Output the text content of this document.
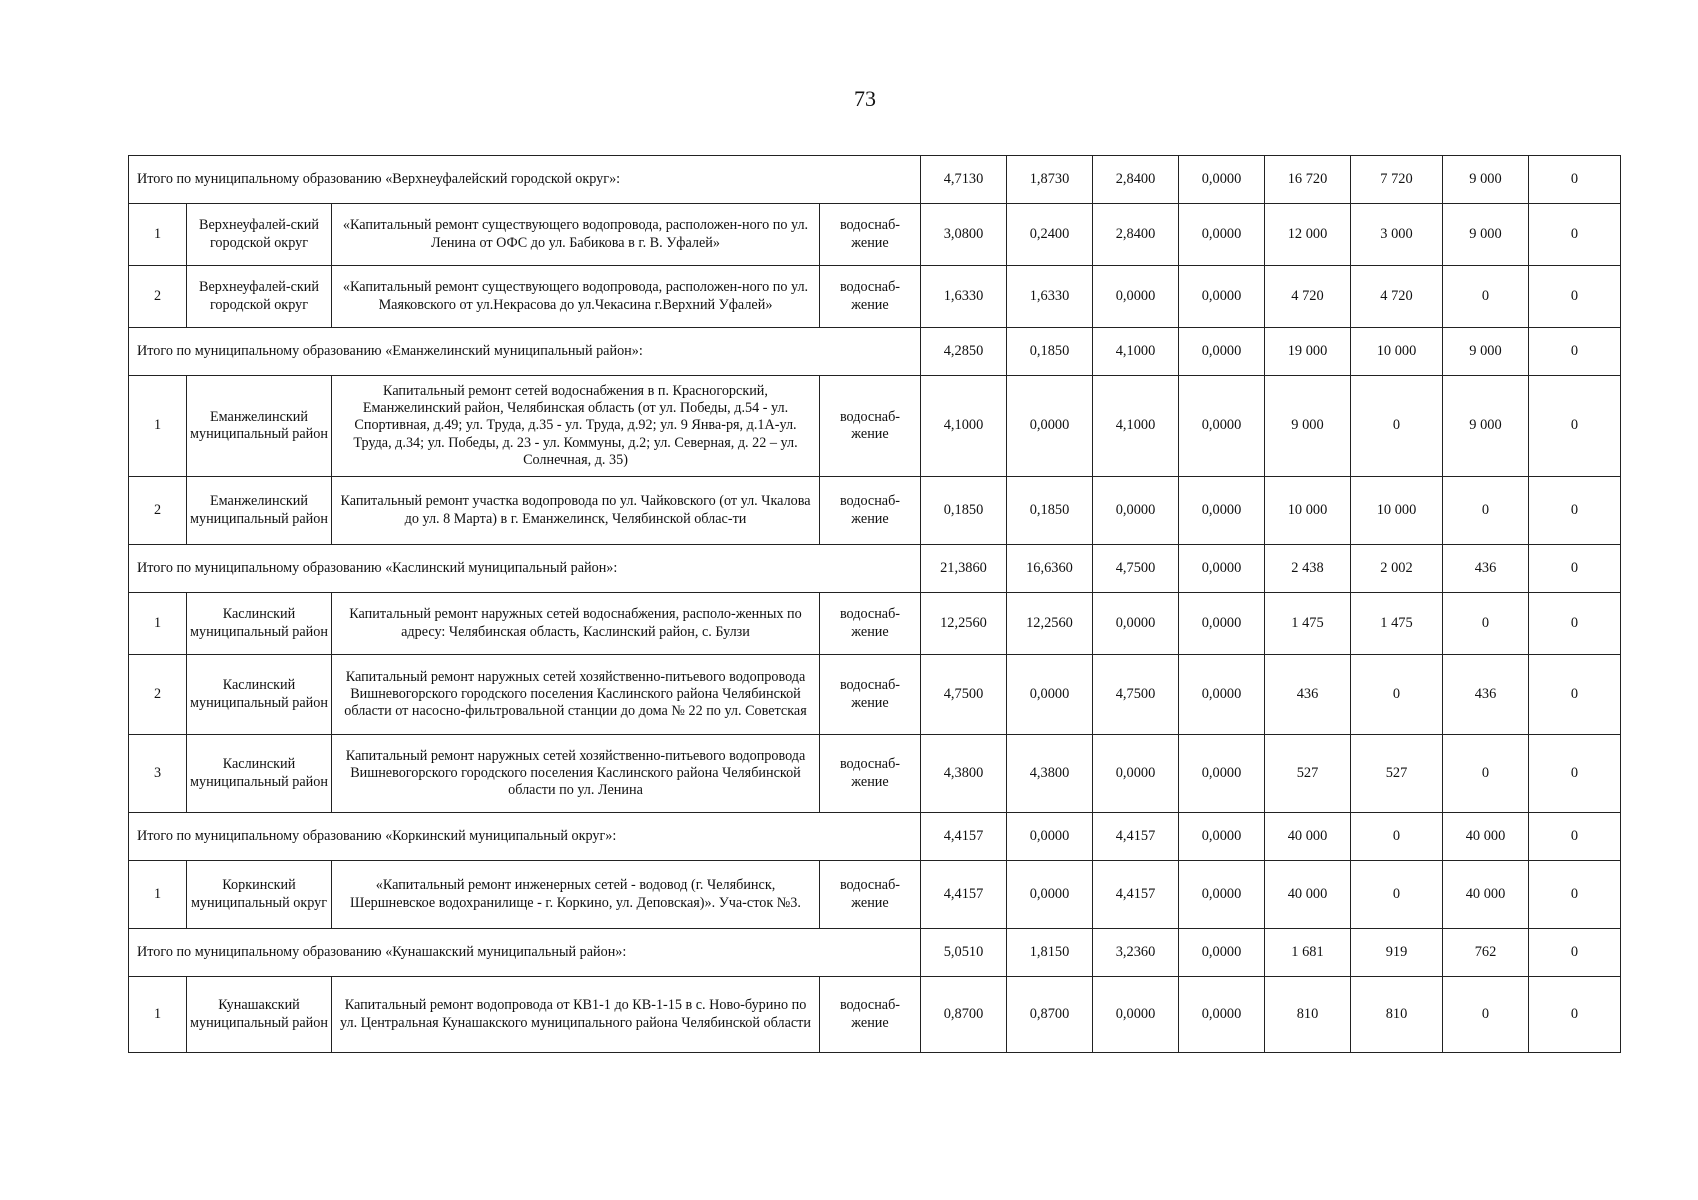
73
Итого по муниципальному образованию «Верхнеуфалейский городской округ»:				4,7130	1,8730	2,8400	0,0000	16 720	7 720	9 000	0
1	Верхнеуфалей-ский городской округ	«Капитальный ремонт существующего водопровода, расположен-ного по ул. Ленина от ОФС до ул. Бабикова в г. В. Уфалей»	водоснаб-жение	3,0800	0,2400	2,8400	0,0000	12 000	3 000	9 000	0
2	Верхнеуфалей-ский городской округ	«Капитальный ремонт существующего водопровода, расположен-ного по ул. Маяковского от ул.Некрасова до ул.Чекасина г.Верхний Уфалей»	водоснаб-жение	1,6330	1,6330	0,0000	0,0000	4 720	4 720	0	0
Итого по муниципальному образованию «Еманжелинский муниципальный район»:				4,2850	0,1850	4,1000	0,0000	19 000	10 000	9 000	0
1	Еманжелинский муниципальный район	Капитальный ремонт сетей водоснабжения в п. Красногорский, Еманжелинский район, Челябинская область (от ул. Победы, д.54 - ул. Спортивная, д.49; ул. Труда, д.35 - ул. Труда, д.92; ул. 9 Янва-ря, д.1А-ул. Труда, д.34; ул. Победы, д. 23 - ул. Коммуны, д.2; ул. Северная, д. 22 – ул. Солнечная, д. 35)	водоснаб-жение	4,1000	0,0000	4,1000	0,0000	9 000	0	9 000	0
2	Еманжелинский муниципальный район	Капитальный ремонт участка водопровода по ул. Чайковского (от ул. Чкалова до ул. 8 Марта) в г. Еманжелинск, Челябинской облас-ти	водоснаб-жение	0,1850	0,1850	0,0000	0,0000	10 000	10 000	0	0
Итого по муниципальному образованию «Каслинский муниципальный район»:				21,3860	16,6360	4,7500	0,0000	2 438	2 002	436	0
1	Каслинский муниципальный район	Капитальный ремонт наружных сетей водоснабжения, располо-женных по адресу: Челябинская область, Каслинский район, с. Булзи	водоснаб-жение	12,2560	12,2560	0,0000	0,0000	1 475	1 475	0	0
2	Каслинский муниципальный район	Капитальный ремонт наружных сетей хозяйственно-питьевого водопровода Вишневогорского городского поселения Каслинского района Челябинской области от насосно-фильтровальной станции до дома № 22 по ул. Советская	водоснаб-жение	4,7500	0,0000	4,7500	0,0000	436	0	436	0
3	Каслинский муниципальный район	Капитальный ремонт наружных сетей хозяйственно-питьевого водопровода Вишневогорского городского поселения Каслинского района Челябинской области по ул. Ленина	водоснаб-жение	4,3800	4,3800	0,0000	0,0000	527	527	0	0
Итого по муниципальному образованию «Коркинский муниципальный округ»:				4,4157	0,0000	4,4157	0,0000	40 000	0	40 000	0
1	Коркинский муниципальный округ	«Капитальный ремонт инженерных сетей - водовод (г. Челябинск, Шершневское водохранилище - г. Коркино, ул. Деповская)». Уча-сток №3.	водоснаб-жение	4,4157	0,0000	4,4157	0,0000	40 000	0	40 000	0
Итого по муниципальному образованию «Кунашакский муниципальный район»:				5,0510	1,8150	3,2360	0,0000	1 681	919	762	0
1	Кунашакский муниципальный район	Капитальный ремонт водопровода от КВ1-1 до КВ-1-15 в с. Ново-бурино по ул. Центральная Кунашакского муниципального района Челябинской области	водоснаб-жение	0,8700	0,8700	0,0000	0,0000	810	810	0	0
